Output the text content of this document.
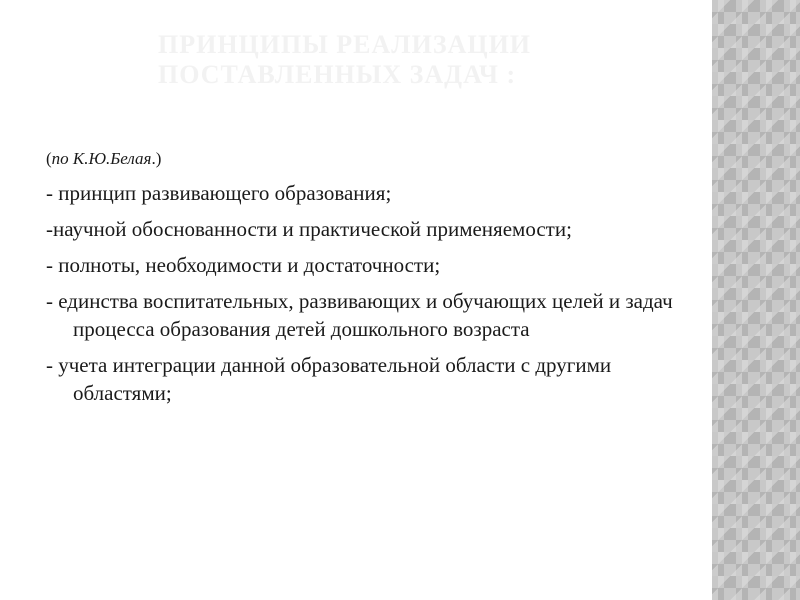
ПРИНЦИПЫ РЕАЛИЗАЦИИ
ПОСТАВЛЕННЫХ ЗАДАЧ :

(по К.Ю.Белая.)

- принцип развивающего образования;

-научной обоснованности и практической применяемости;

- полноты, необходимости и достаточности;

- единства воспитательных, развивающих и обучающих целей и задач процесса образования детей дошкольного возраста

- учета интеграции данной образовательной области с другими областями;
